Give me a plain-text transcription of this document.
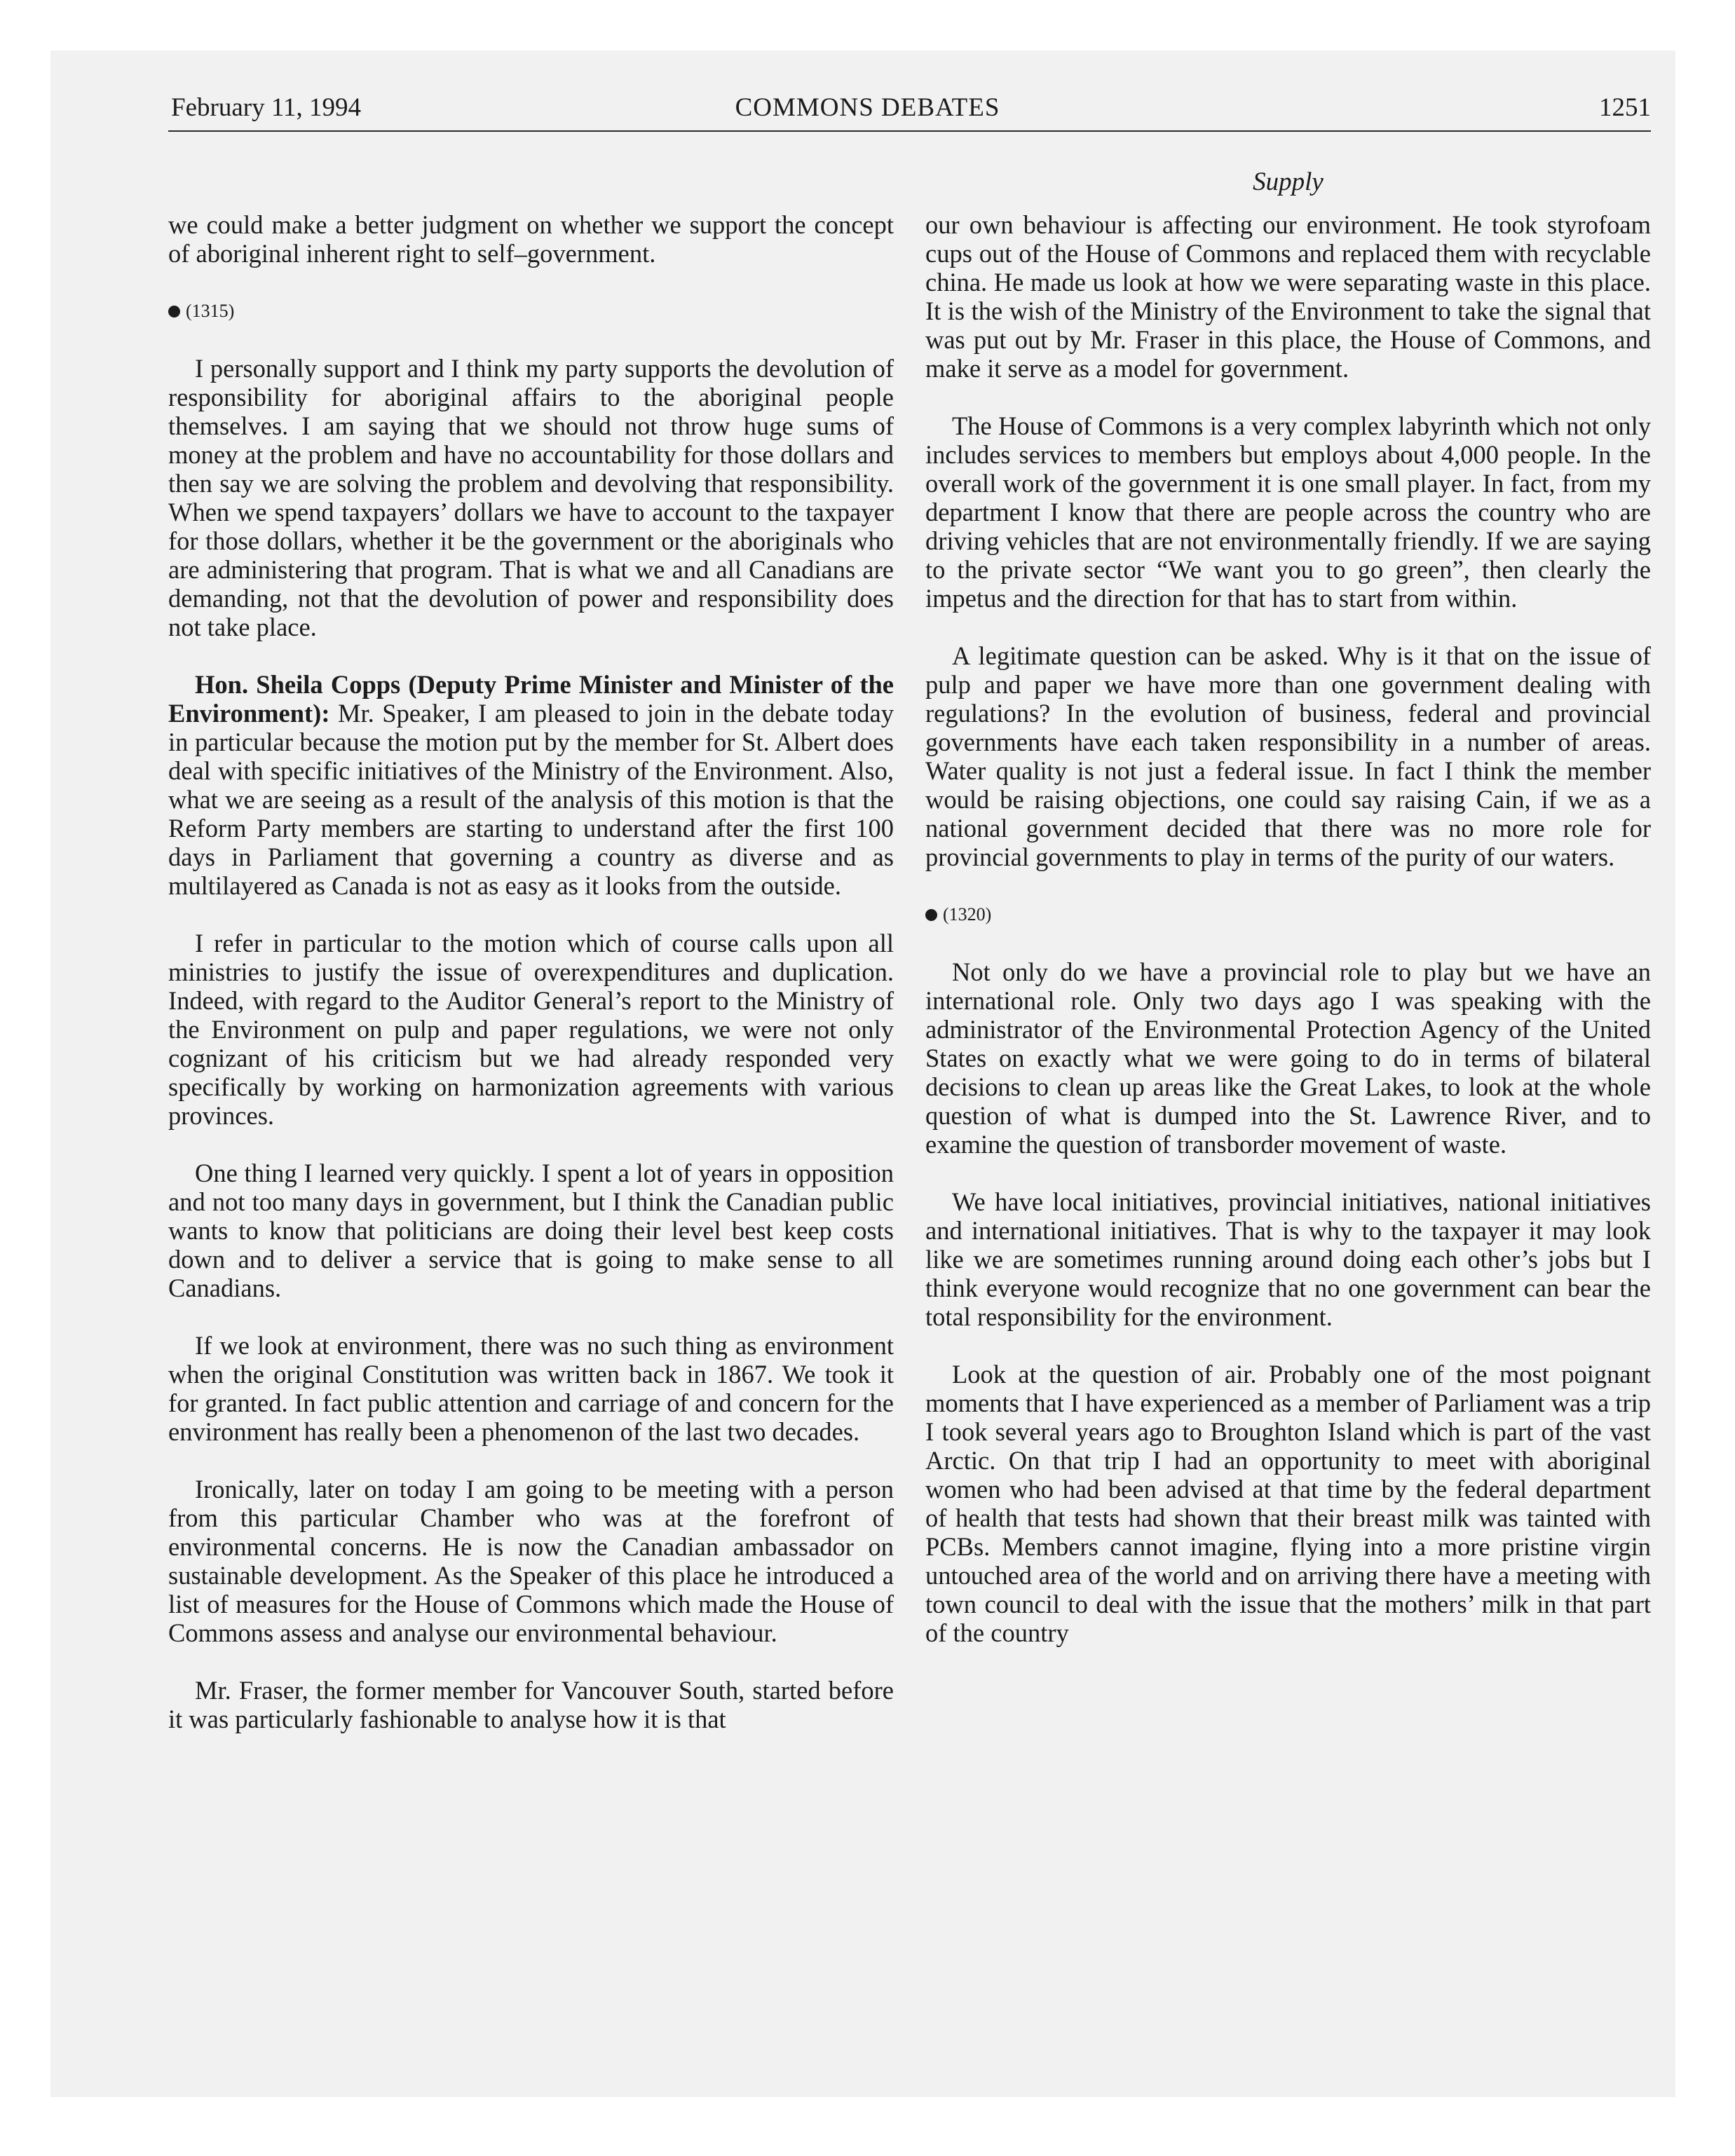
February 11, 1994	COMMONS DEBATES	1251
Supply

we could make a better judgment on whether we support the concept of aboriginal inherent right to self–government.

(1315)

I personally support and I think my party supports the devolution of responsibility for aboriginal affairs to the aboriginal people themselves. I am saying that we should not throw huge sums of money at the problem and have no accountability for those dollars and then say we are solving the problem and devolving that responsibility. When we spend taxpayers’ dollars we have to account to the taxpayer for those dollars, whether it be the government or the aboriginals who are administering that program. That is what we and all Canadians are demanding, not that the devolution of power and responsibility does not take place.

Hon. Sheila Copps (Deputy Prime Minister and Minister of the Environment): Mr. Speaker, I am pleased to join in the debate today in particular because the motion put by the member for St. Albert does deal with specific initiatives of the Ministry of the Environment. Also, what we are seeing as a result of the analysis of this motion is that the Reform Party members are starting to understand after the first 100 days in Parliament that governing a country as diverse and as multilayered as Canada is not as easy as it looks from the outside.

I refer in particular to the motion which of course calls upon all ministries to justify the issue of overexpenditures and duplication. Indeed, with regard to the Auditor General’s report to the Ministry of the Environment on pulp and paper regulations, we were not only cognizant of his criticism but we had already responded very specifically by working on harmonization agreements with various provinces.

One thing I learned very quickly. I spent a lot of years in opposition and not too many days in government, but I think the Canadian public wants to know that politicians are doing their level best keep costs down and to deliver a service that is going to make sense to all Canadians.

If we look at environment, there was no such thing as environment when the original Constitution was written back in 1867. We took it for granted. In fact public attention and carriage of and concern for the environment has really been a phenomenon of the last two decades.

Ironically, later on today I am going to be meeting with a person from this particular Chamber who was at the forefront of environmental concerns. He is now the Canadian ambassador on sustainable development. As the Speaker of this place he introduced a list of measures for the House of Commons which made the House of Commons assess and analyse our environmental behaviour.

Mr. Fraser, the former member for Vancouver South, started before it was particularly fashionable to analyse how it is that

our own behaviour is affecting our environment. He took styrofoam cups out of the House of Commons and replaced them with recyclable china. He made us look at how we were separating waste in this place. It is the wish of the Ministry of the Environment to take the signal that was put out by Mr. Fraser in this place, the House of Commons, and make it serve as a model for government.

The House of Commons is a very complex labyrinth which not only includes services to members but employs about 4,000 people. In the overall work of the government it is one small player. In fact, from my department I know that there are people across the country who are driving vehicles that are not environmentally friendly. If we are saying to the private sector “We want you to go green”, then clearly the impetus and the direction for that has to start from within.

A legitimate question can be asked. Why is it that on the issue of pulp and paper we have more than one government dealing with regulations? In the evolution of business, federal and provincial governments have each taken responsibility in a number of areas. Water quality is not just a federal issue. In fact I think the member would be raising objections, one could say raising Cain, if we as a national government decided that there was no more role for provincial governments to play in terms of the purity of our waters.

(1320)

Not only do we have a provincial role to play but we have an international role. Only two days ago I was speaking with the administrator of the Environmental Protection Agency of the United States on exactly what we were going to do in terms of bilateral decisions to clean up areas like the Great Lakes, to look at the whole question of what is dumped into the St. Lawrence River, and to examine the question of transborder movement of waste.

We have local initiatives, provincial initiatives, national initiatives and international initiatives. That is why to the taxpayer it may look like we are sometimes running around doing each other’s jobs but I think everyone would recognize that no one government can bear the total responsibility for the environment.

Look at the question of air. Probably one of the most poignant moments that I have experienced as a member of Parliament was a trip I took several years ago to Broughton Island which is part of the vast Arctic. On that trip I had an opportunity to meet with aboriginal women who had been advised at that time by the federal department of health that tests had shown that their breast milk was tainted with PCBs. Members cannot imagine, flying into a more pristine virgin untouched area of the world and on arriving there have a meeting with town council to deal with the issue that the mothers’ milk in that part of the country
